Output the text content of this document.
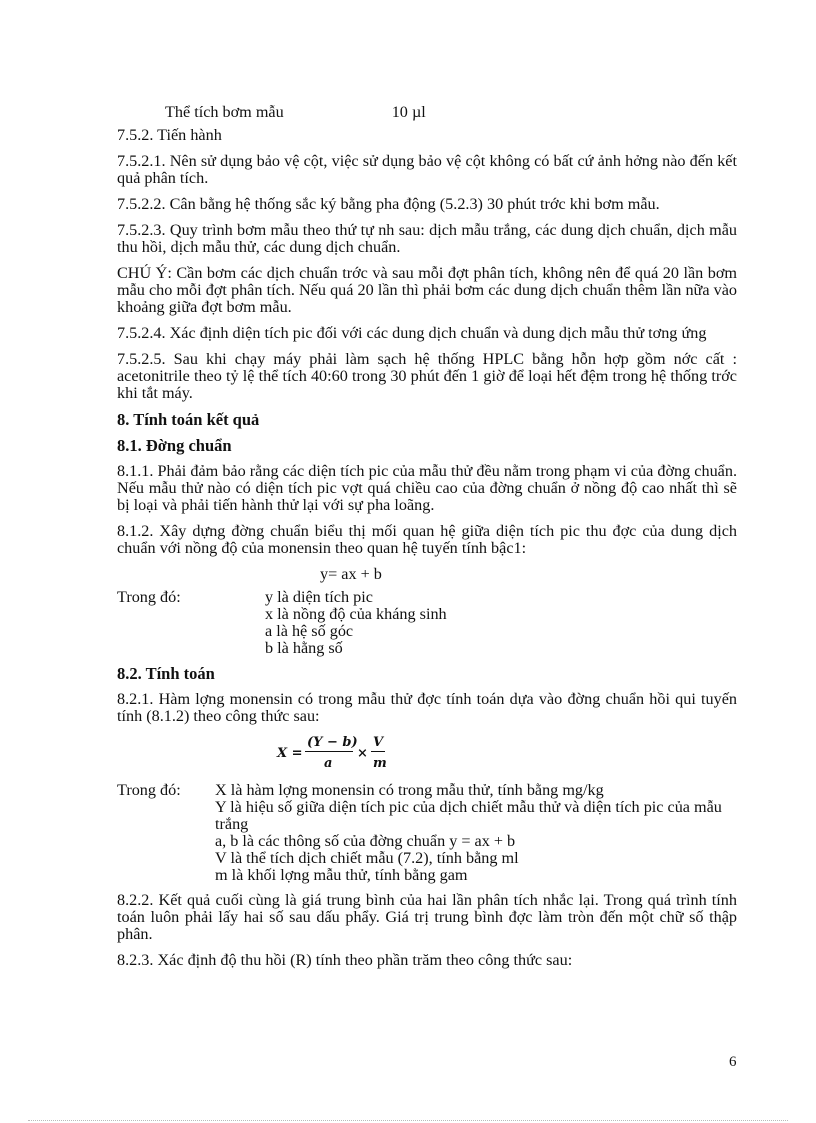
Thể tích bơm mẫu	10 µl

7.5.2. Tiến hành

7.5.2.1. Nên sử dụng bảo vệ cột, việc sử dụng bảo vệ cột không có bất cứ ảnh hởng nào đến kết quả phân tích.

7.5.2.2. Cân bằng hệ thống sắc ký bằng pha động (5.2.3) 30 phút trớc khi bơm mẫu.

7.5.2.3. Quy trình bơm mẫu theo thứ tự nh sau: dịch mẫu trắng, các dung dịch chuẩn, dịch mẫu thu hồi, dịch mẫu thử, các dung dịch chuẩn.

CHÚ Ý: Cần bơm các dịch chuẩn trớc và sau mỗi đợt phân tích, không nên để quá 20 lần bơm mẫu cho mỗi đợt phân tích. Nếu quá 20 lần thì phải bơm các dung dịch chuẩn thêm lần nữa vào khoảng giữa đợt bơm mẫu.

7.5.2.4. Xác định diện tích pic đối với các dung dịch chuẩn và dung dịch mẫu thử tơng ứng

7.5.2.5. Sau khi chạy máy phải làm sạch hệ thống HPLC bằng hỗn hợp gồm nớc cất : acetonitrile theo tỷ lệ thể tích 40:60 trong 30 phút đến 1 giờ để loại hết đệm trong hệ thống trớc khi tắt máy.

8. Tính toán kết quả
8.1. Đờng chuẩn

8.1.1. Phải đảm bảo rằng các diện tích pic của mẫu thử đều nằm trong phạm vi của đờng chuẩn. Nếu mẫu thử nào có diện tích pic vợt quá chiều cao của đờng chuẩn ở nồng độ cao nhất thì sẽ bị loại và phải tiến hành thử lại với sự pha loãng.

8.1.2. Xây dựng đờng chuẩn biểu thị mối quan hệ giữa diện tích pic thu đợc của dung dịch chuẩn với nồng độ của monensin theo quan hệ tuyến tính bậc1:

y= ax + b

Trong đó:	y là diện tích pic
x là nồng độ của kháng sinh
a là hệ số góc
b là hằng số
8.2. Tính toán

8.2.1. Hàm lợng monensin có trong mẫu thử đợc tính toán dựa vào đờng chuẩn hồi qui tuyến tính (8.1.2) theo công thức sau:

X =
(Y − b)
a
×
V
m
Trong đó:	X là hàm lợng monensin có trong mẫu thử, tính bằng mg/kg
Y là hiệu số giữa diện tích pic của dịch chiết mẫu thử và diện tích pic của mẫu trắng
a, b là các thông số của đờng chuẩn y = ax + b
V là thể tích dịch chiết mẫu (7.2), tính bằng ml
m là khối lợng mẫu thử, tính bằng gam

8.2.2. Kết quả cuối cùng là giá trung bình của hai lần phân tích nhắc lại. Trong quá trình tính toán luôn phải lấy hai số sau dấu phẩy. Giá trị trung bình đợc làm tròn đến một chữ số thập phân.

8.2.3. Xác định độ thu hồi (R) tính theo phần trăm theo công thức sau:

6
